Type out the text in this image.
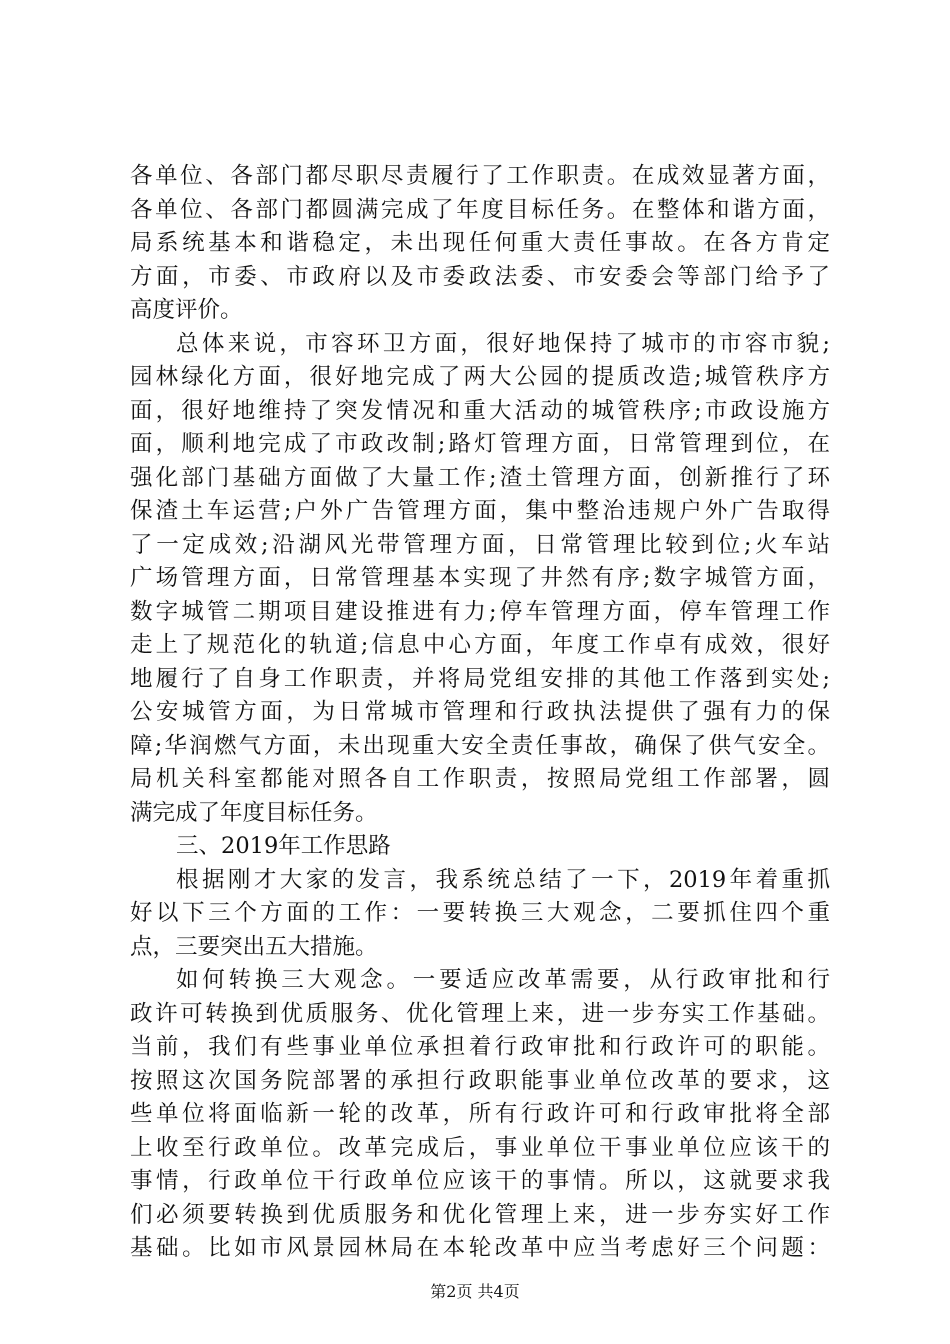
各单位、各部门都尽职尽责履行了工作职责。在成效显著方面，
各单位、各部门都圆满完成了年度目标任务。在整体和谐方面，
局系统基本和谐稳定，未出现任何重大责任事故。在各方肯定
方面，市委、市政府以及市委政法委、市安委会等部门给予了
高度评价。
总体来说，市容环卫方面，很好地保持了城市的市容市貌;
园林绿化方面，很好地完成了两大公园的提质改造;城管秩序方
面，很好地维持了突发情况和重大活动的城管秩序;市政设施方
面，顺利地完成了市政改制;路灯管理方面，日常管理到位，在
强化部门基础方面做了大量工作;渣土管理方面，创新推行了环
保渣土车运营;户外广告管理方面，集中整治违规户外广告取得
了一定成效;沿湖风光带管理方面，日常管理比较到位;火车站
广场管理方面，日常管理基本实现了井然有序;数字城管方面，
数字城管二期项目建设推进有力;停车管理方面，停车管理工作
走上了规范化的轨道;信息中心方面，年度工作卓有成效，很好
地履行了自身工作职责，并将局党组安排的其他工作落到实处;
公安城管方面，为日常城市管理和行政执法提供了强有力的保
障;华润燃气方面，未出现重大安全责任事故，确保了供气安全。
局机关科室都能对照各自工作职责，按照局党组工作部署，圆
满完成了年度目标任务。
三、2019年工作思路
根据刚才大家的发言，我系统总结了一下，2019年着重抓
好以下三个方面的工作：一要转换三大观念，二要抓住四个重
点，三要突出五大措施。
如何转换三大观念。一要适应改革需要，从行政审批和行
政许可转换到优质服务、优化管理上来，进一步夯实工作基础。
当前，我们有些事业单位承担着行政审批和行政许可的职能。
按照这次国务院部署的承担行政职能事业单位改革的要求，这
些单位将面临新一轮的改革，所有行政许可和行政审批将全部
上收至行政单位。改革完成后，事业单位干事业单位应该干的
事情，行政单位干行政单位应该干的事情。所以，这就要求我
们必须要转换到优质服务和优化管理上来，进一步夯实好工作
基础。比如市风景园林局在本轮改革中应当考虑好三个问题：
第2页 共4页
